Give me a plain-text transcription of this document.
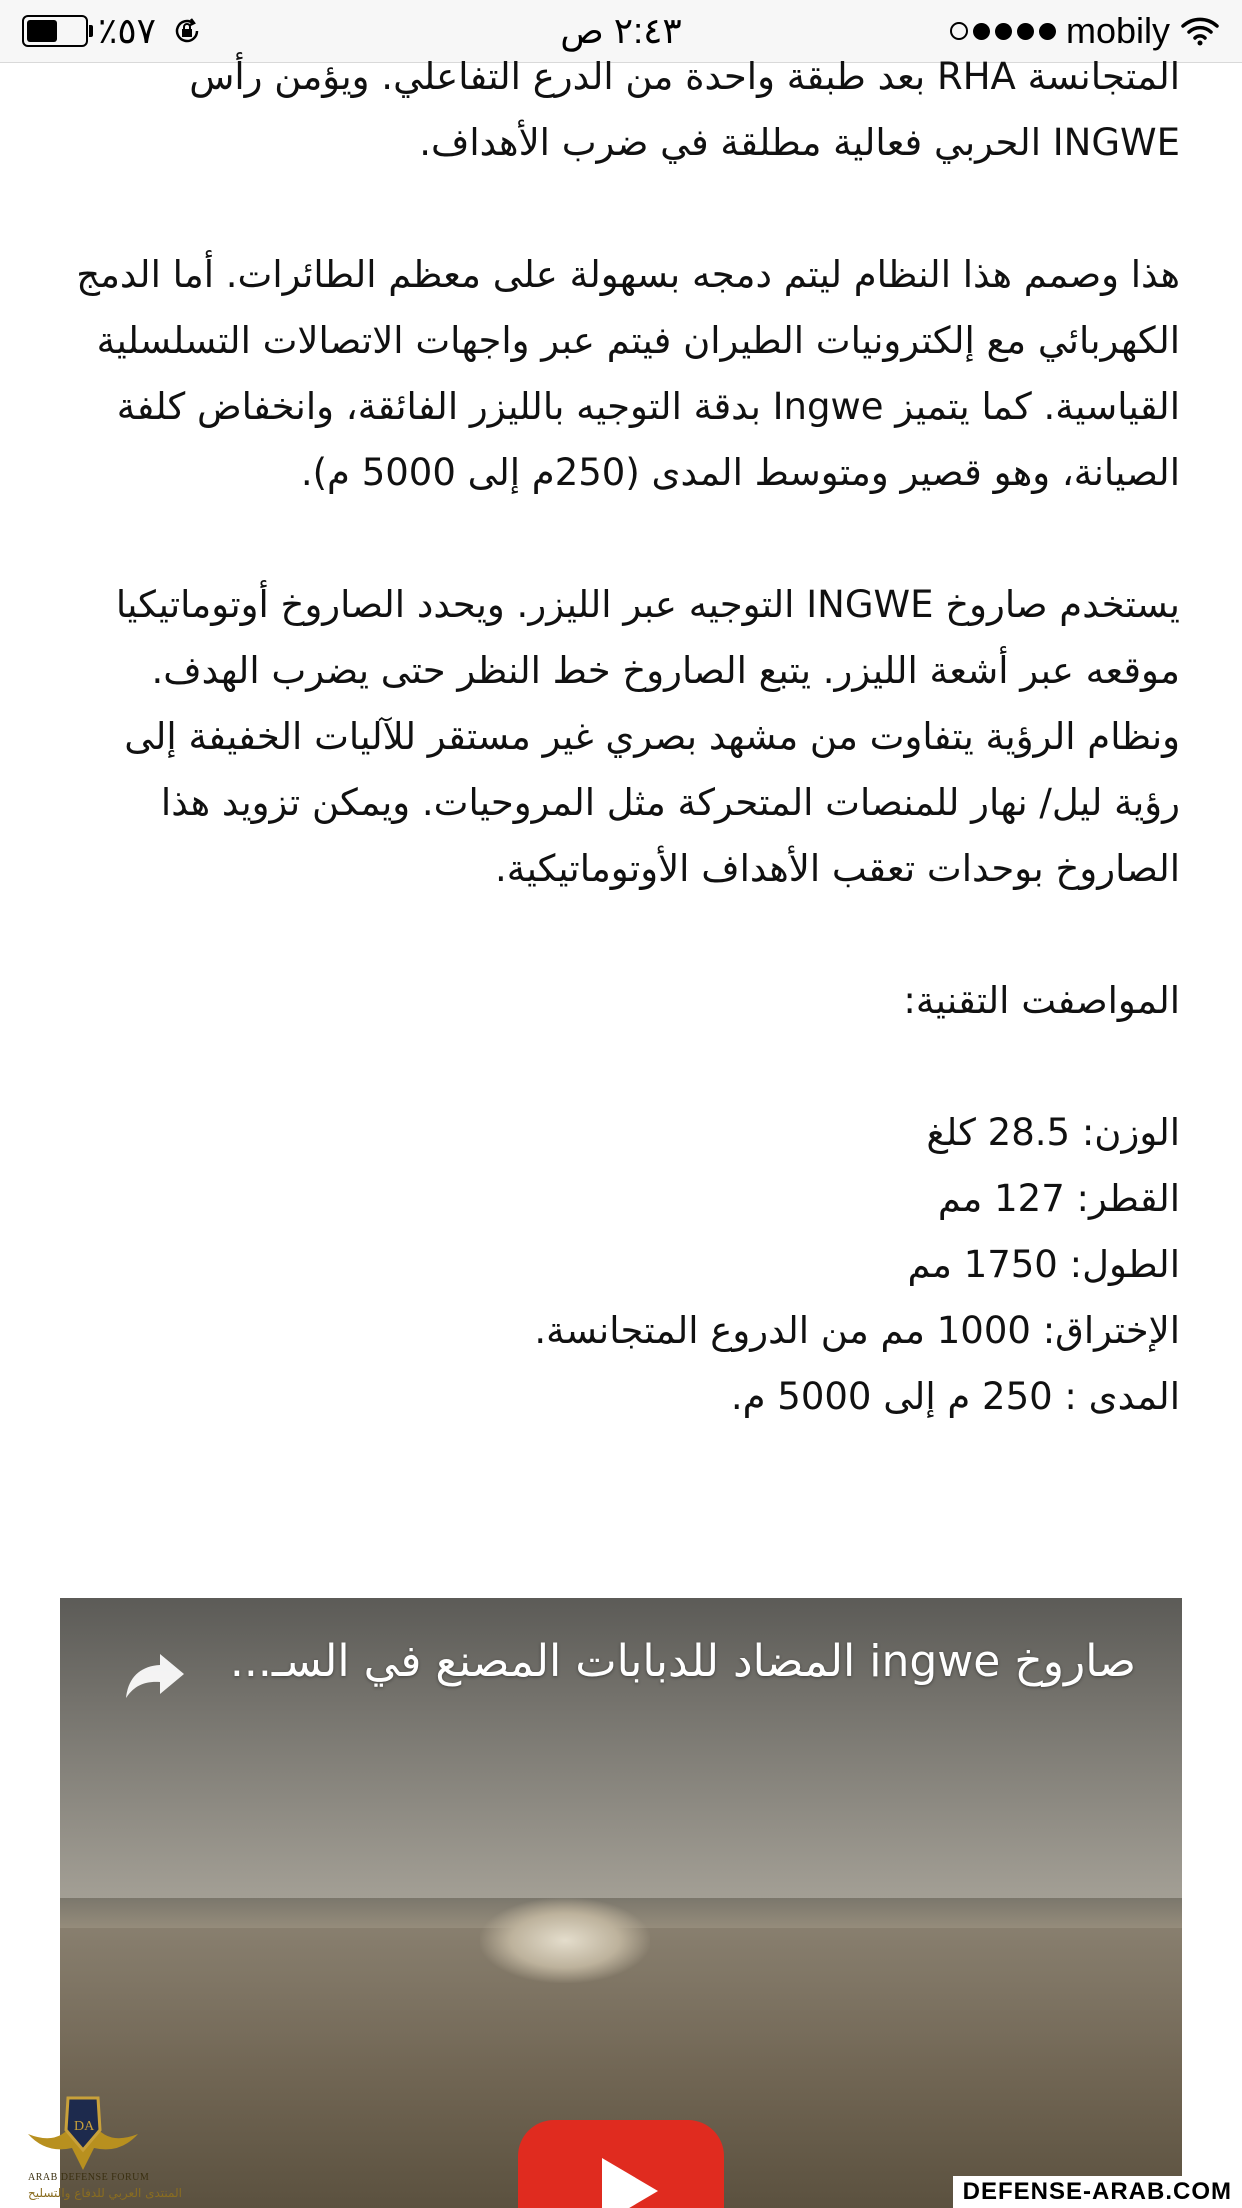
٪٥٧	٢:٤٣ ص	mobily

المتجانسة RHA بعد طبقة واحدة من الدرع التفاعلي. ويؤمن رأس INGWE الحربي فعالية مطلقة في ضرب الأهداف.

هذا وصمم هذا النظام ليتم دمجه بسهولة على معظم الطائرات. أما الدمج الكهربائي مع إلكترونيات الطيران فيتم عبر واجهات الاتصالات التسلسلية القياسية. كما يتميز Ingwe بدقة التوجيه بالليزر الفائقة، وانخفاض كلفة الصيانة، وهو قصير ومتوسط المدى (250م إلى 5000 م).

يستخدم صاروخ INGWE التوجيه عبر الليزر. ويحدد الصاروخ أوتوماتيكيا موقعه عبر أشعة الليزر. يتبع الصاروخ خط النظر حتى يضرب الهدف. ونظام الرؤية يتفاوت من مشهد بصري غير مستقر للآليات الخفيفة إلى رؤية ليل/ نهار للمنصات المتحركة مثل المروحيات. ويمكن تزويد هذا الصاروخ بوحدات تعقب الأهداف الأوتوماتيكية.

المواصفت التقنية:

الوزن: 28.5 كلغ

القطر: 127 مم

الطول: 1750 مم

الإختراق: 1000 مم من الدروع المتجانسة.

المدى : 250 م إلى 5000 م.

صاروخ ingwe المضاد للدبابات المصنع في السـ...
DA
ARAB DEFENSE FORUM
المنتدى العربي للدفاع والتسليح	DEFENSE-ARAB.COM
